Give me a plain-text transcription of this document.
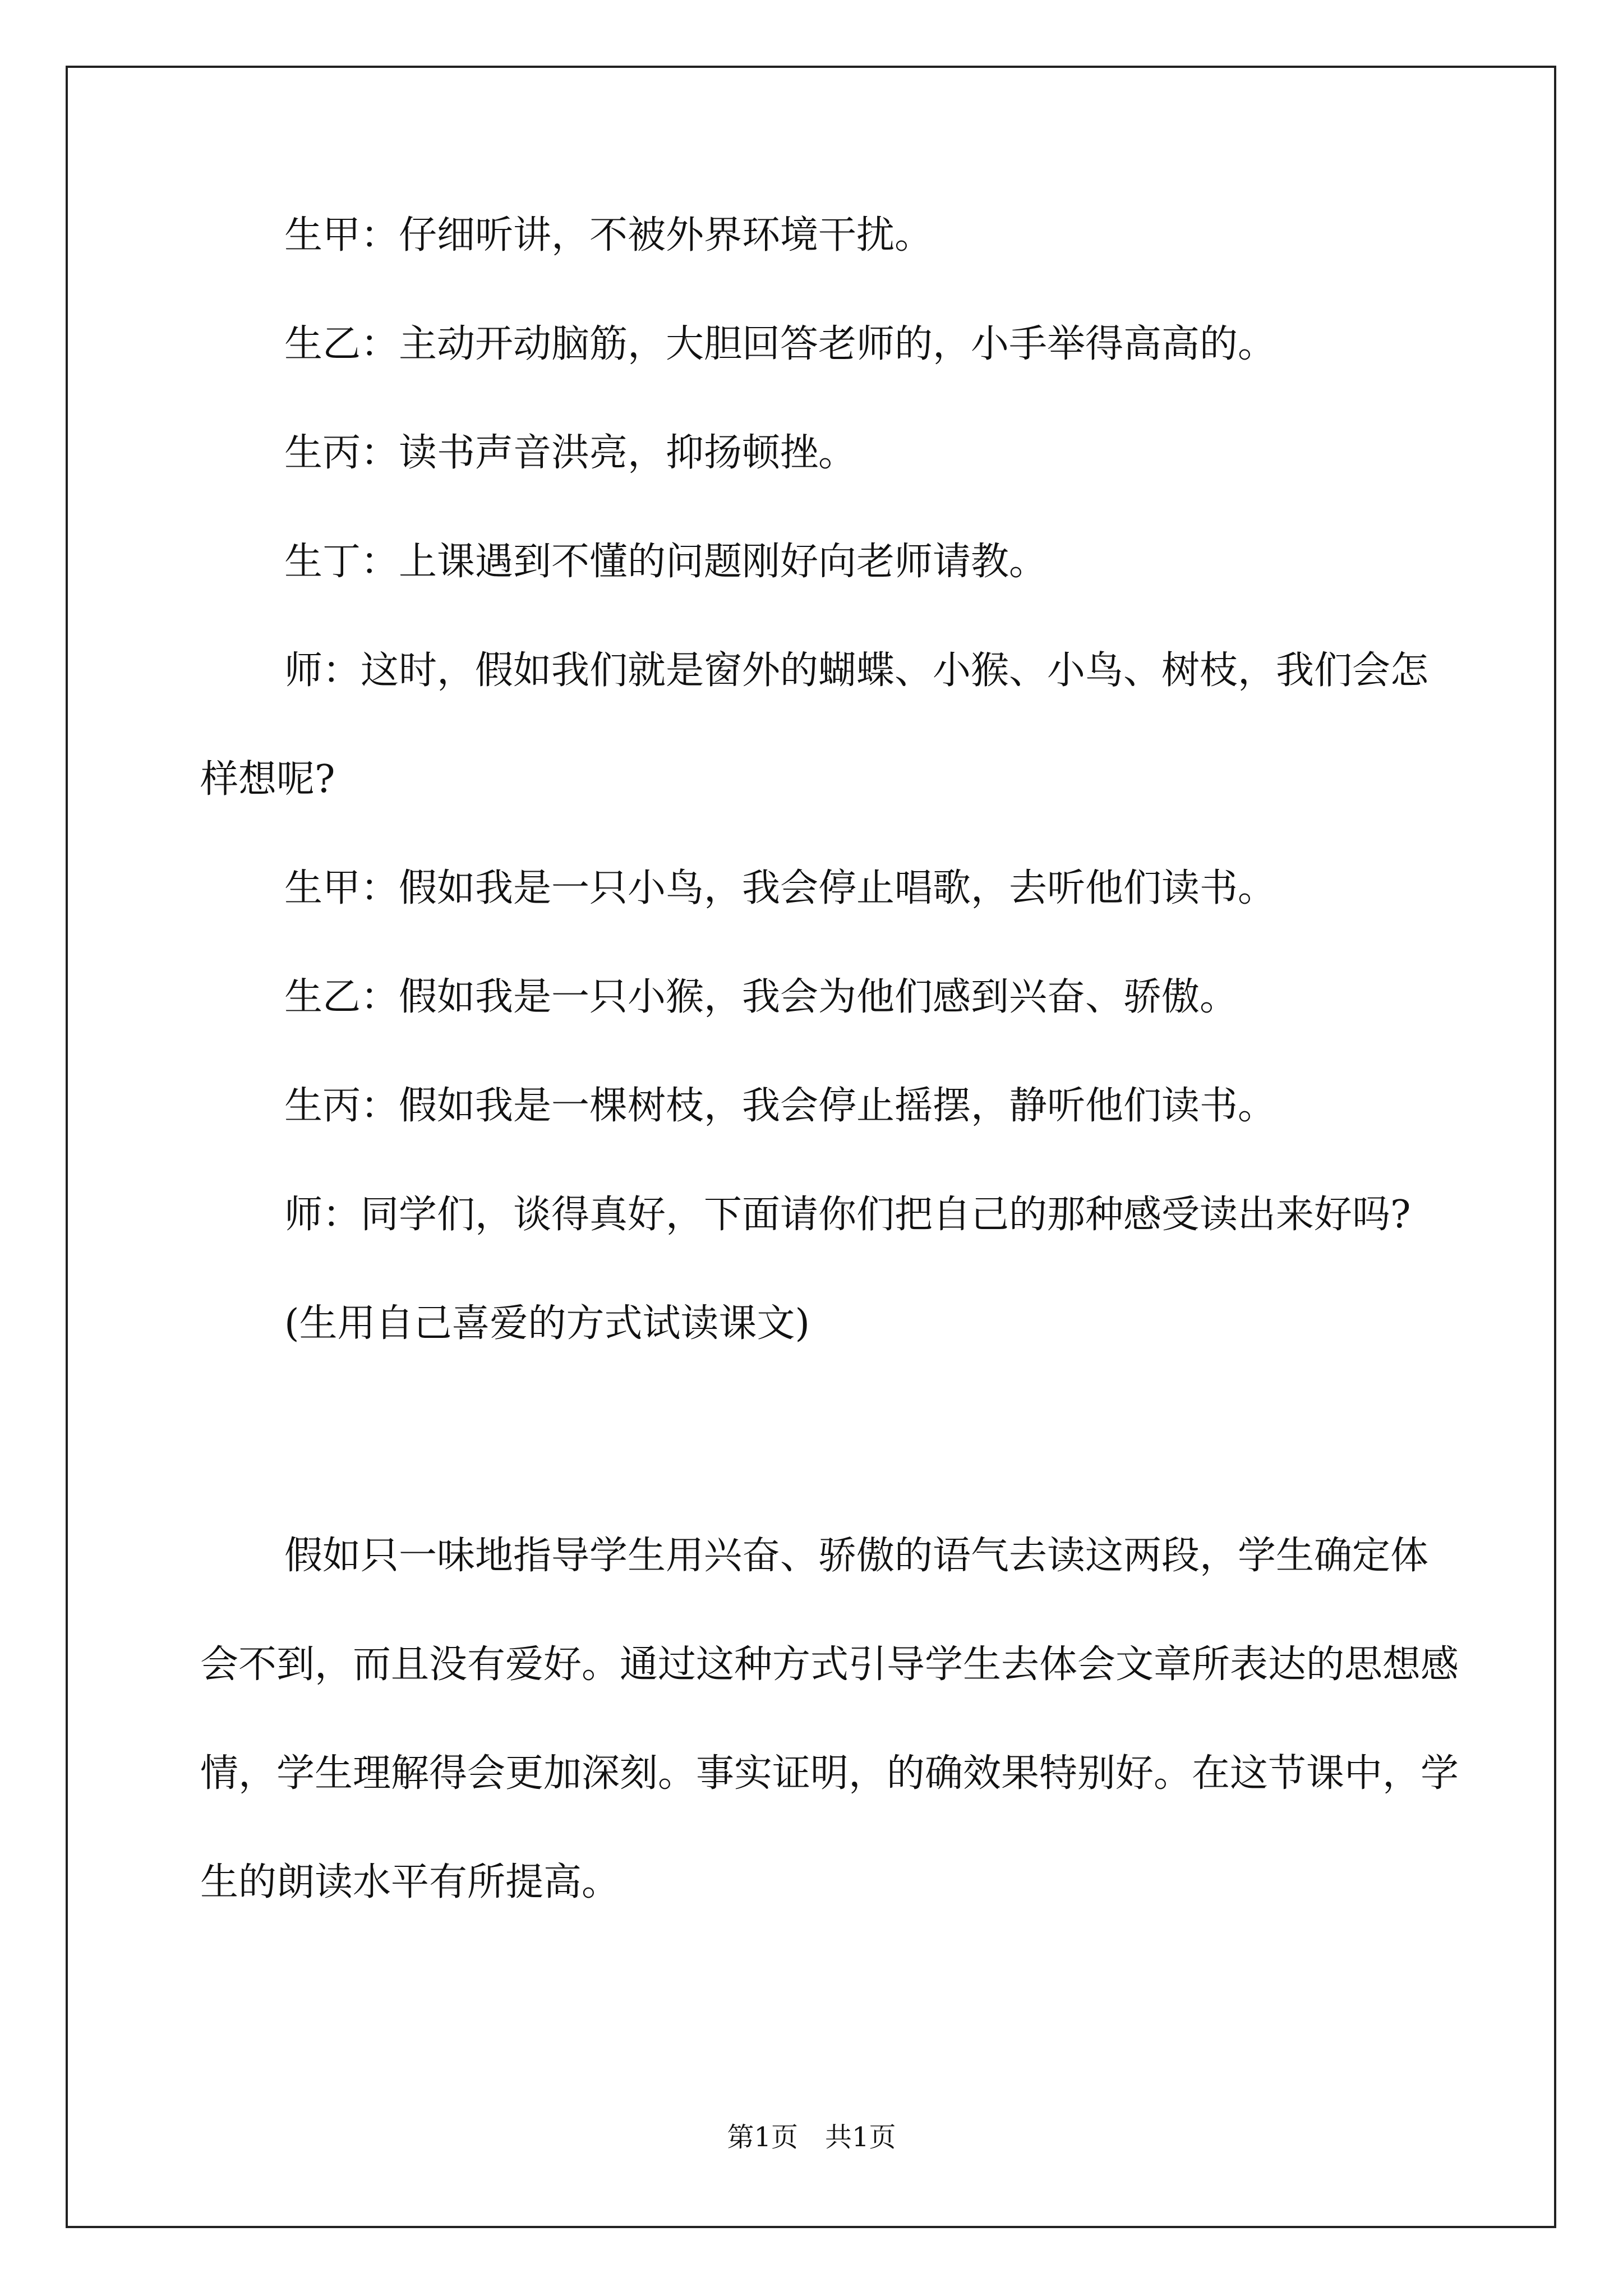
生甲：仔细听讲，不被外界环境干扰。

生乙：主动开动脑筋，大胆回答老师的，小手举得高高的。

生丙：读书声音洪亮，抑扬顿挫。

生丁：上课遇到不懂的问题刚好向老师请教。

师：这时，假如我们就是窗外的蝴蝶、小猴、小鸟、树枝，我们会怎样想呢?

生甲：假如我是一只小鸟，我会停止唱歌，去听他们读书。

生乙：假如我是一只小猴，我会为他们感到兴奋、骄傲。

生丙：假如我是一棵树枝，我会停止摇摆，静听他们读书。

师：同学们，谈得真好，下面请你们把自己的那种感受读出来好吗?

(生用自己喜爱的方式试读课文)

假如只一味地指导学生用兴奋、骄傲的语气去读这两段，学生确定体会不到，而且没有爱好。通过这种方式引导学生去体会文章所表达的思想感情，学生理解得会更加深刻。事实证明，的确效果特别好。在这节课中，学生的朗读水平有所提高。

第1页　共1页
